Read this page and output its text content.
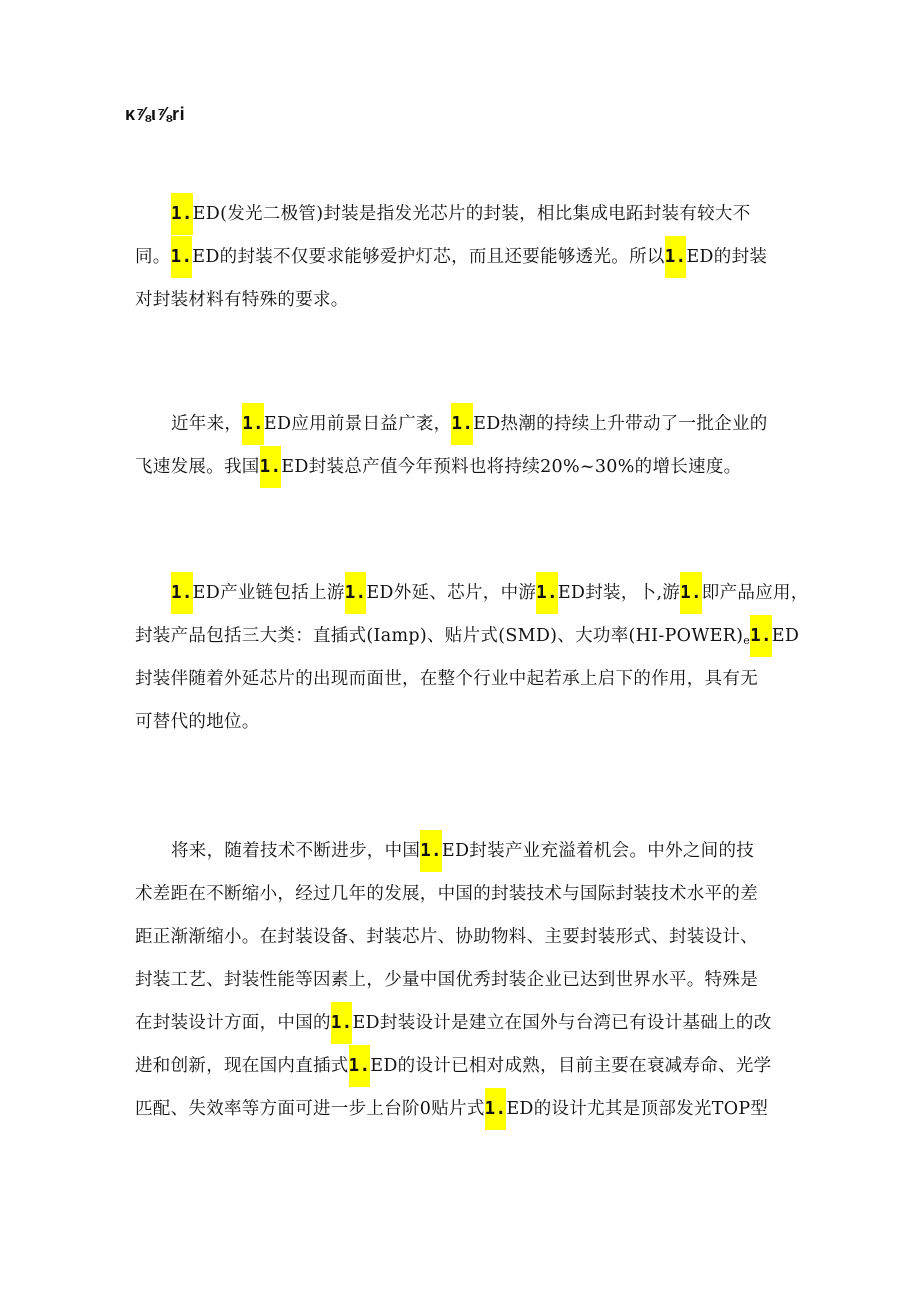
κ⅞ι⅞ri
1.ED(发光二极管)封装是指发光芯片的封装，相比集成电跖封装有较大不
同。1.ED的封装不仅要求能够爱护灯芯，而且还要能够透光。所以1.ED的封装
对封装材料有特殊的要求。
近年来，1.ED应用前景日益广袤，1.ED热潮的持续上升带动了一批企业的
飞速发展。我国1.ED封装总产值今年预料也将持续20%~30%的增长速度。
1.ED产业链包括上游1.ED外延、芯片，中游1.ED封装，卜,游1.即产品应用，
封装产品包括三大类：直插式(Iamp)、贴片式(SMD)、大功率$(HI-POWER)_e1.ED$
封装伴随着外延芯片的出现而面世，在整个行业中起若承上启下的作用，具有无
可替代的地位。
将来，随着技术不断进步，中国1.ED封装产业充溢着机会。中外之间的技
术差距在不断缩小，经过几年的发展，中国的封装技术与国际封装技术水平的差
距正渐渐缩小。在封装设备、封装芯片、协助物料、主要封装形式、封装设计、
封装工艺、封装性能等因素上，少量中国优秀封装企业已达到世界水平。特殊是
在封装设计方面，中国的1.ED封装设计是建立在国外与台湾已有设计基础上的改
进和创新，现在国内直插式1.ED的设计已相对成熟，目前主要在衰减寿命、光学
匹配、失效率等方面可进一步上台阶0贴片式1.ED的设计尤其是顶部发光TOP型
